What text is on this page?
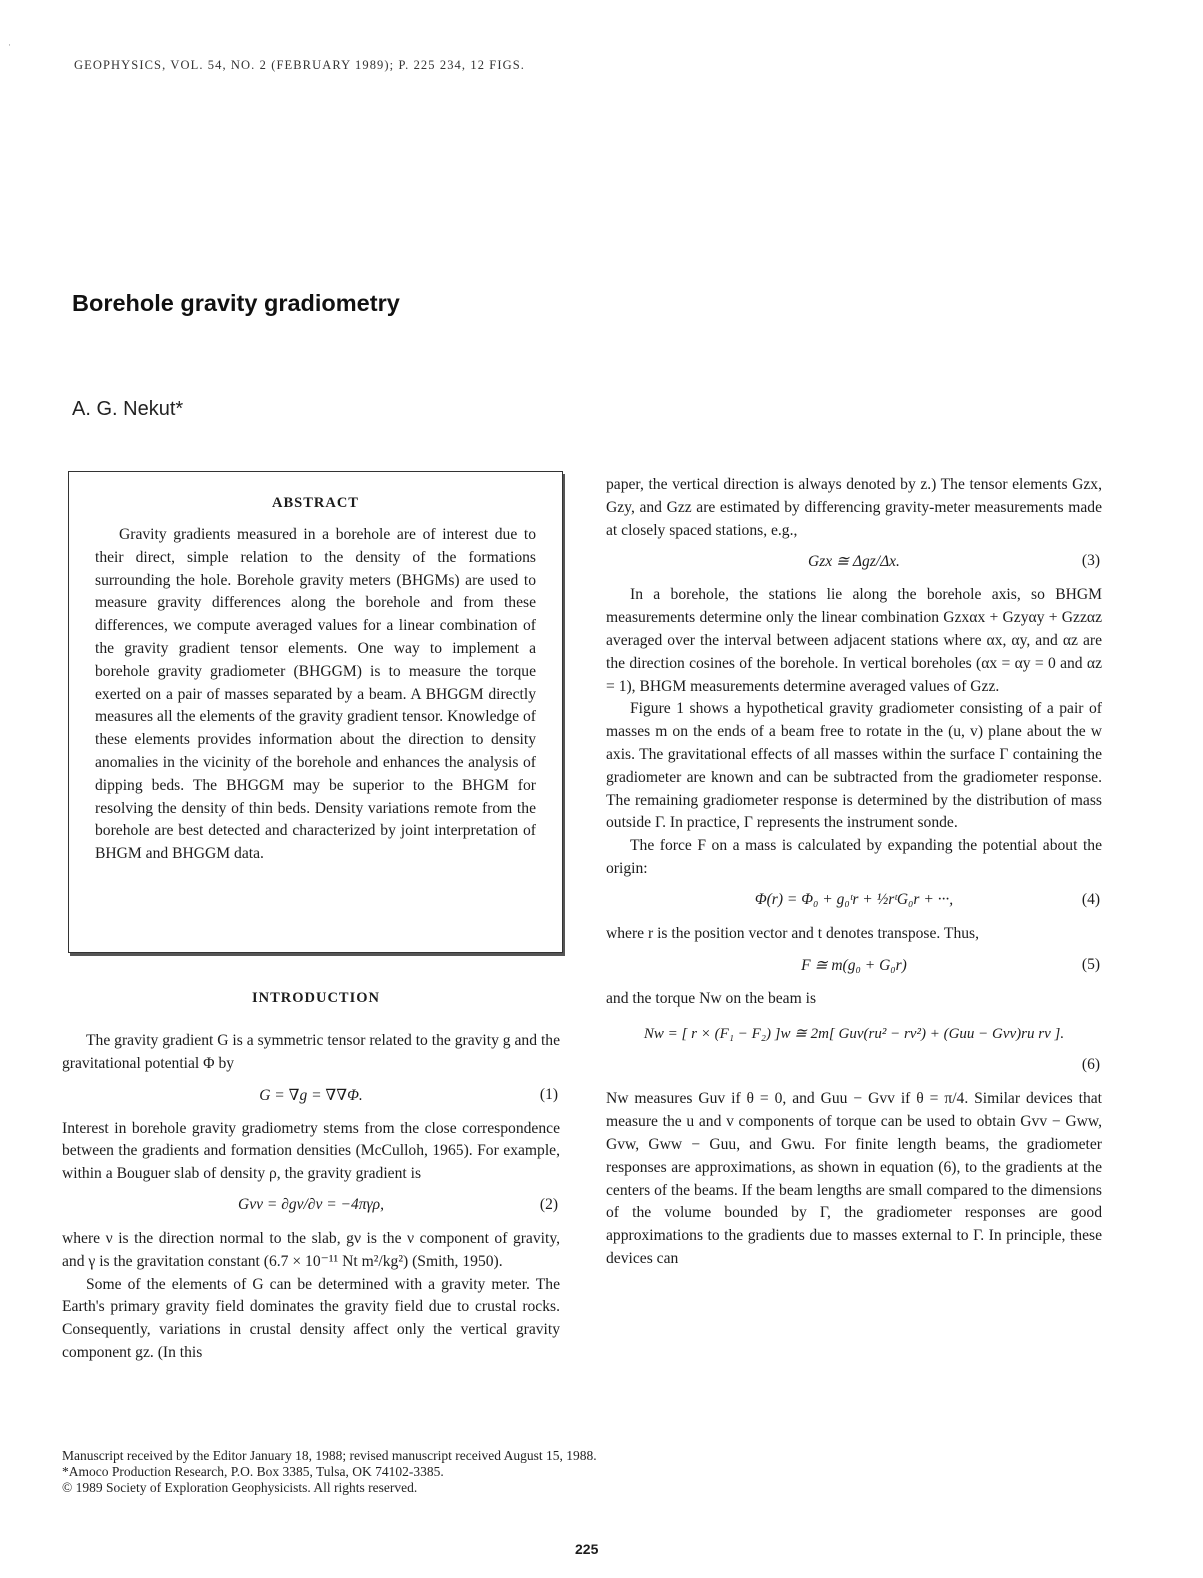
·
GEOPHYSICS, VOL. 54, NO. 2 (FEBRUARY 1989); P. 225 234, 12 FIGS.
Borehole gravity gradiometry
A. G. Nekut*
ABSTRACT

Gravity gradients measured in a borehole are of interest due to their direct, simple relation to the density of the formations surrounding the hole. Borehole gravity meters (BHGMs) are used to measure gravity differences along the borehole and from these differences, we compute averaged values for a linear combination of the gravity gradient tensor elements. One way to implement a borehole gravity gradiometer (BHGGM) is to measure the torque exerted on a pair of masses separated by a beam. A BHGGM directly measures all the elements of the gravity gradient tensor. Knowledge of these elements provides information about the direction to density anomalies in the vicinity of the borehole and enhances the analysis of dipping beds. The BHGGM may be superior to the BHGM for resolving the density of thin beds. Density variations remote from the borehole are best detected and characterized by joint interpretation of BHGM and BHGGM data.

INTRODUCTION

The gravity gradient G is a symmetric tensor related to the gravity g and the gravitational potential Φ by

G = ∇g = ∇∇Φ.	(1)

Interest in borehole gravity gradiometry stems from the close correspondence between the gradients and formation densities (McCulloh, 1965). For example, within a Bouguer slab of density ρ, the gravity gradient is

Gνν = ∂gν/∂ν = −4πγρ,	(2)

where ν is the direction normal to the slab, gν is the ν component of gravity, and γ is the gravitation constant (6.7 × 10⁻¹¹ Nt m²/kg²) (Smith, 1950).

Some of the elements of G can be determined with a gravity meter. The Earth's primary gravity field dominates the gravity field due to crustal rocks. Consequently, variations in crustal density affect only the vertical gravity component gz. (In this

paper, the vertical direction is always denoted by z.) The tensor elements Gzx, Gzy, and Gzz are estimated by differencing gravity-meter measurements made at closely spaced stations, e.g.,

Gzx ≅ Δgz/Δx.	(3)

In a borehole, the stations lie along the borehole axis, so BHGM measurements determine only the linear combination Gzxαx + Gzyαy + Gzzαz averaged over the interval between adjacent stations where αx, αy, and αz are the direction cosines of the borehole. In vertical boreholes (αx = αy = 0 and αz = 1), BHGM measurements determine averaged values of Gzz.

Figure 1 shows a hypothetical gravity gradiometer consisting of a pair of masses m on the ends of a beam free to rotate in the (u, v) plane about the w axis. The gravitational effects of all masses within the surface Γ containing the gradiometer are known and can be subtracted from the gradiometer response. The remaining gradiometer response is determined by the distribution of mass outside Γ. In practice, Γ represents the instrument sonde.

The force F on a mass is calculated by expanding the potential about the origin:

Φ(r) = Φ₀ + g₀ᵗr + ½rᵗG₀r + ···,	(4)

where r is the position vector and t denotes transpose. Thus,

F ≅ m(g₀ + G₀r)	(5)

and the torque Nw on the beam is

Nw = [ r × (F₁ − F₂) ]w ≅ 2m[ Guv(ru² − rv²) + (Guu − Gvv)ru rv ].
(6)

Nw measures Guv if θ = 0, and Guu − Gvv if θ = π/4. Similar devices that measure the u and v components of torque can be used to obtain Gvv − Gww, Gvw, Gww − Guu, and Gwu. For finite length beams, the gradiometer responses are approximations, as shown in equation (6), to the gradients at the centers of the beams. If the beam lengths are small compared to the dimensions of the volume bounded by Γ, the gradiometer responses are good approximations to the gradients due to masses external to Γ. In principle, these devices can

Manuscript received by the Editor January 18, 1988; revised manuscript received August 15, 1988.
*Amoco Production Research, P.O. Box 3385, Tulsa, OK 74102-3385.
© 1989 Society of Exploration Geophysicists. All rights reserved.
225
